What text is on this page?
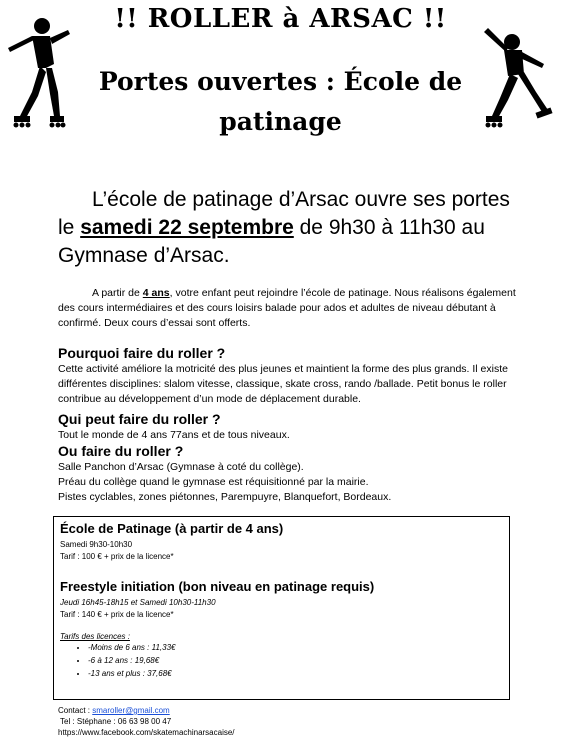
!! ROLLER à ARSAC !!
Portes ouvertes : École de patinage
L’école de patinage d’Arsac ouvre ses portes le samedi 22 septembre de 9h30 à 11h30 au Gymnase d’Arsac.
A partir de 4 ans, votre enfant peut rejoindre l’école de patinage. Nous réalisons également des cours intermédiaires et des cours loisirs balade pour ados et adultes de niveau débutant à confirmé. Deux cours d’essai sont offerts.
Pourquoi faire du roller ?
Cette activité améliore la motricité des plus jeunes et maintient la forme des plus grands. Il existe différentes disciplines: slalom vitesse, classique, skate cross, rando /ballade. Petit bonus le roller contribue au développement d’un mode de déplacement durable.
Qui peut faire du roller ?
Tout le monde de 4 ans 77ans et de tous niveaux.
Ou faire du roller ?
Salle Panchon d’Arsac (Gymnase à coté du collège).
Préau du collège quand le gymnase est réquisitionné par la mairie.
Pistes cyclables, zones piétonnes, Parempuyre, Blanquefort, Bordeaux.
École de Patinage (à partir de 4 ans)
Samedi 9h30-10h30
Tarif : 100 € + prix de la licence*
Freestyle initiation (bon niveau en patinage requis)
Jeudi 16h45-18h15 et Samedi 10h30-11h30
Tarif : 140 € + prix de la licence*
Tarifs des licences :
• -Moins de 6 ans : 11,33€
• -6 à 12 ans : 19,68€
• -13 ans et plus : 37,68€
Contact : smaroller@gmail.com
Tel : Stéphane : 06 63 98 00 47
https://www.facebook.com/skatemachinarsacaise/
